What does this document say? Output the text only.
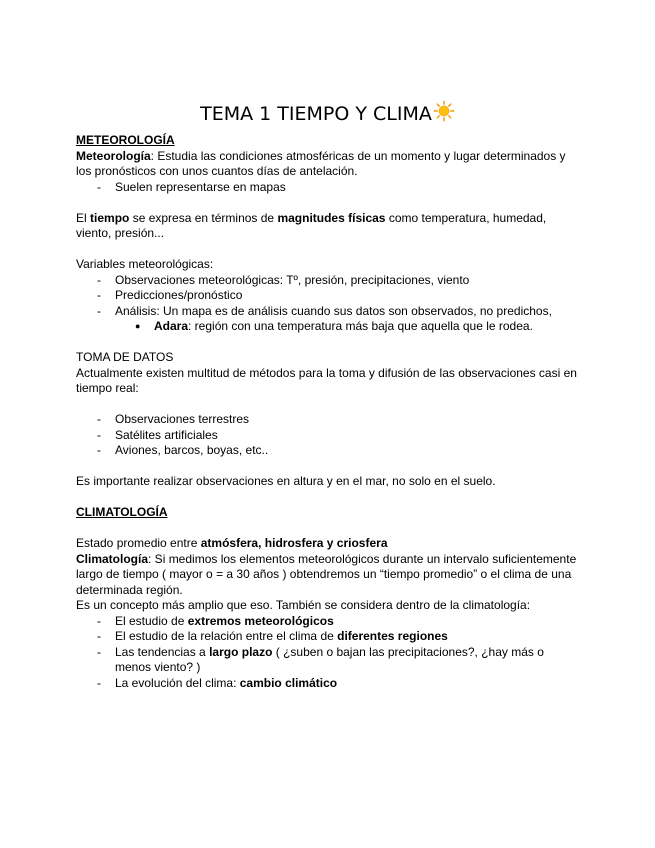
TEMA 1 TIEMPO Y CLIMA
METEOROLOGÍA
Meteorología: Estudia las condiciones atmosféricas de un momento y lugar determinados y los pronósticos con unos cuantos días de antelación.
- Suelen representarse en mapas
El tiempo se expresa en términos de magnitudes físicas como temperatura, humedad, viento, presión...
Variables meteorológicas:
- Observaciones meteorológicas: Tº, presión, precipitaciones, viento
- Predicciones/pronóstico
- Análisis: Un mapa es de análisis cuando sus datos son observados, no predichos,
● Adara: región con una temperatura más baja que aquella que le rodea.
TOMA DE DATOS
Actualmente existen multitud de métodos para la toma y difusión de las observaciones casi en tiempo real:
- Observaciones terrestres
- Satélites artificiales
- Aviones, barcos, boyas, etc..
Es importante realizar observaciones en altura y en el mar, no solo en el suelo.
CLIMATOLOGÍA
Estado promedio entre atmósfera, hidrosfera y criosfera
Climatología: Si medimos los elementos meteorológicos durante un intervalo suficientemente largo de tiempo ( mayor o = a 30 años ) obtendremos un “tiempo promedio” o el clima de una determinada región.
Es un concepto más amplio que eso. También se considera dentro de la climatología:
- El estudio de extremos meteorológicos
- El estudio de la relación entre el clima de diferentes regiones
- Las tendencias a largo plazo ( ¿suben o bajan las precipitaciones?, ¿hay más o menos viento? )
- La evolución del clima: cambio climático
